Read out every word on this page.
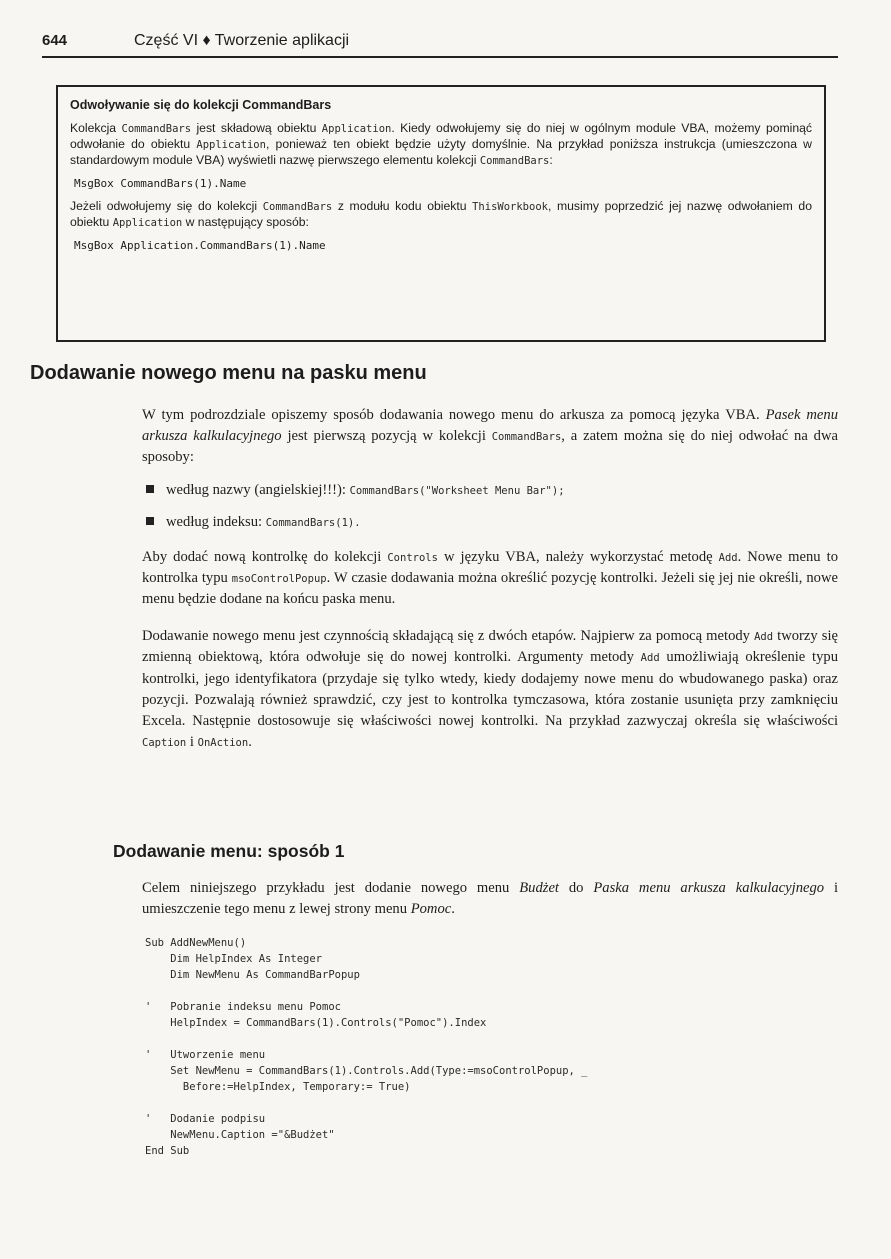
644	Część VI ♦ Tworzenie aplikacji
Odwoływanie się do kolekcji CommandBars

Kolekcja CommandBars jest składową obiektu Application. Kiedy odwołujemy się do niej w ogólnym module VBA, możemy pominąć odwołanie do obiektu Application, ponieważ ten obiekt będzie użyty domyślnie. Na przykład poniższa instrukcja (umieszczona w standardowym module VBA) wyświetli nazwę pierwszego elementu kolekcji CommandBars:

MsgBox CommandBars(1).Name

Jeżeli odwołujemy się do kolekcji CommandBars z modułu kodu obiektu ThisWorkbook, musimy poprzedzić jej nazwę odwołaniem do obiektu Application w następujący sposób:

MsgBox Application.CommandBars(1).Name
Dodawanie nowego menu na pasku menu

W tym podrozdziale opiszemy sposób dodawania nowego menu do arkusza za pomocą języka VBA. Pasek menu arkusza kalkulacyjnego jest pierwszą pozycją w kolekcji CommandBars, a zatem można się do niej odwołać na dwa sposoby:

według nazwy (angielskiej!!!): CommandBars("Worksheet Menu Bar");
według indeksu: CommandBars(1).

Aby dodać nową kontrolkę do kolekcji Controls w języku VBA, należy wykorzystać metodę Add. Nowe menu to kontrolka typu msoControlPopup. W czasie dodawania można określić pozycję kontrolki. Jeżeli się jej nie określi, nowe menu będzie dodane na końcu paska menu.

Dodawanie nowego menu jest czynnością składającą się z dwóch etapów. Najpierw za pomocą metody Add tworzy się zmienną obiektową, która odwołuje się do nowej kontrolki. Argumenty metody Add umożliwiają określenie typu kontrolki, jego identyfikatora (przydaje się tylko wtedy, kiedy dodajemy nowe menu do wbudowanego paska) oraz pozycji. Pozwalają również sprawdzić, czy jest to kontrolka tymczasowa, która zostanie usunięta przy zamknięciu Excela. Następnie dostosowuje się właściwości nowej kontrolki. Na przykład zazwyczaj określa się właściwości Caption i OnAction.

Dodawanie menu: sposób 1

Celem niniejszego przykładu jest dodanie nowego menu Budżet do Paska menu arkusza kalkulacyjnego i umieszczenie tego menu z lewej strony menu Pomoc.

Sub AddNewMenu()
Dim HelpIndex As Integer
Dim NewMenu As CommandBarPopup

'   Pobranie indeksu menu Pomoc
HelpIndex = CommandBars(1).Controls("Pomoc").Index

'   Utworzenie menu
Set NewMenu = CommandBars(1).Controls.Add(Type:=msoControlPopup, _
Before:=HelpIndex, Temporary:= True)

'   Dodanie podpisu
NewMenu.Caption ="&Budżet"
End Sub
